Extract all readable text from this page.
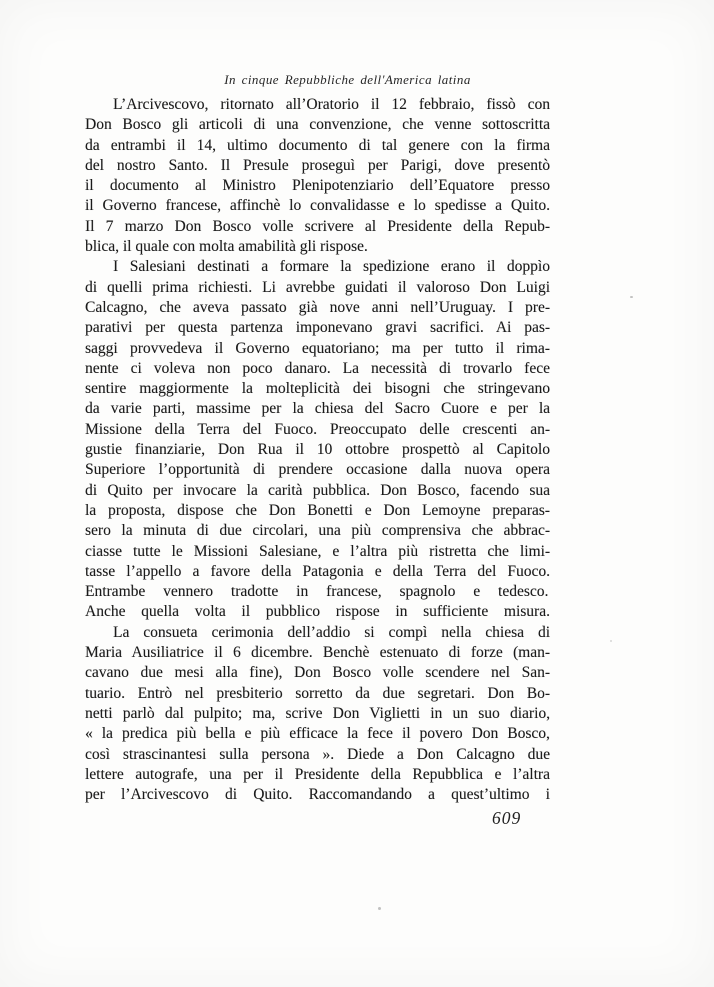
In cinque Repubbliche dell'America latina
L’Arcivescovo, ritornato all’Oratorio il 12 febbraio, fissò con
Don Bosco gli articoli di una convenzione, che venne sottoscritta
da entrambi il 14, ultimo documento di tal genere con la firma
del nostro Santo. Il Presule proseguì per Parigi, dove presentò
il documento al Ministro Plenipotenziario dell’Equatore presso
il Governo francese, affinchè lo convalidasse e lo spedisse a Quito.
Il 7 marzo Don Bosco volle scrivere al Presidente della Repub-
blica, il quale con molta amabilità gli rispose.
I Salesiani destinati a formare la spedizione erano il doppìo
di quelli prima richiesti. Li avrebbe guidati il valoroso Don Luigi
Calcagno, che aveva passato già nove anni nell’Uruguay. I pre-
parativi per questa partenza imponevano gravi sacrifici. Ai pas-
saggi provvedeva il Governo equatoriano; ma per tutto il rima-
nente ci voleva non poco danaro. La necessità di trovarlo fece
sentire maggiormente la molteplicità dei bisogni che stringevano
da varie parti, massime per la chiesa del Sacro Cuore e per la
Missione della Terra del Fuoco. Preoccupato delle crescenti an-
gustie finanziarie, Don Rua il 10 ottobre prospettò al Capitolo
Superiore l’opportunità di prendere occasione dalla nuova opera
di Quito per invocare la carità pubblica. Don Bosco, facendo sua
la proposta, dispose che Don Bonetti e Don Lemoyne preparas-
sero la minuta di due circolari, una più comprensiva che abbrac-
ciasse tutte le Missioni Salesiane, e l’altra più ristretta che limi-
tasse l’appello a favore della Patagonia e della Terra del Fuoco.
Entrambe vennero tradotte in francese, spagnolo e tedesco.
Anche quella volta il pubblico rispose in sufficiente misura.
La consueta cerimonia dell’addio si compì nella chiesa di
Maria Ausiliatrice il 6 dicembre. Benchè estenuato di forze (man-
cavano due mesi alla fine), Don Bosco volle scendere nel San-
tuario. Entrò nel presbiterio sorretto da due segretari. Don Bo-
netti parlò dal pulpito; ma, scrive Don Viglietti in un suo diario,
« la predica più bella e più efficace la fece il povero Don Bosco,
così strascinantesi sulla persona ». Diede a Don Calcagno due
lettere autografe, una per il Presidente della Repubblica e l’altra
per l’Arcivescovo di Quito. Raccomandando a quest’ultimo i
609
